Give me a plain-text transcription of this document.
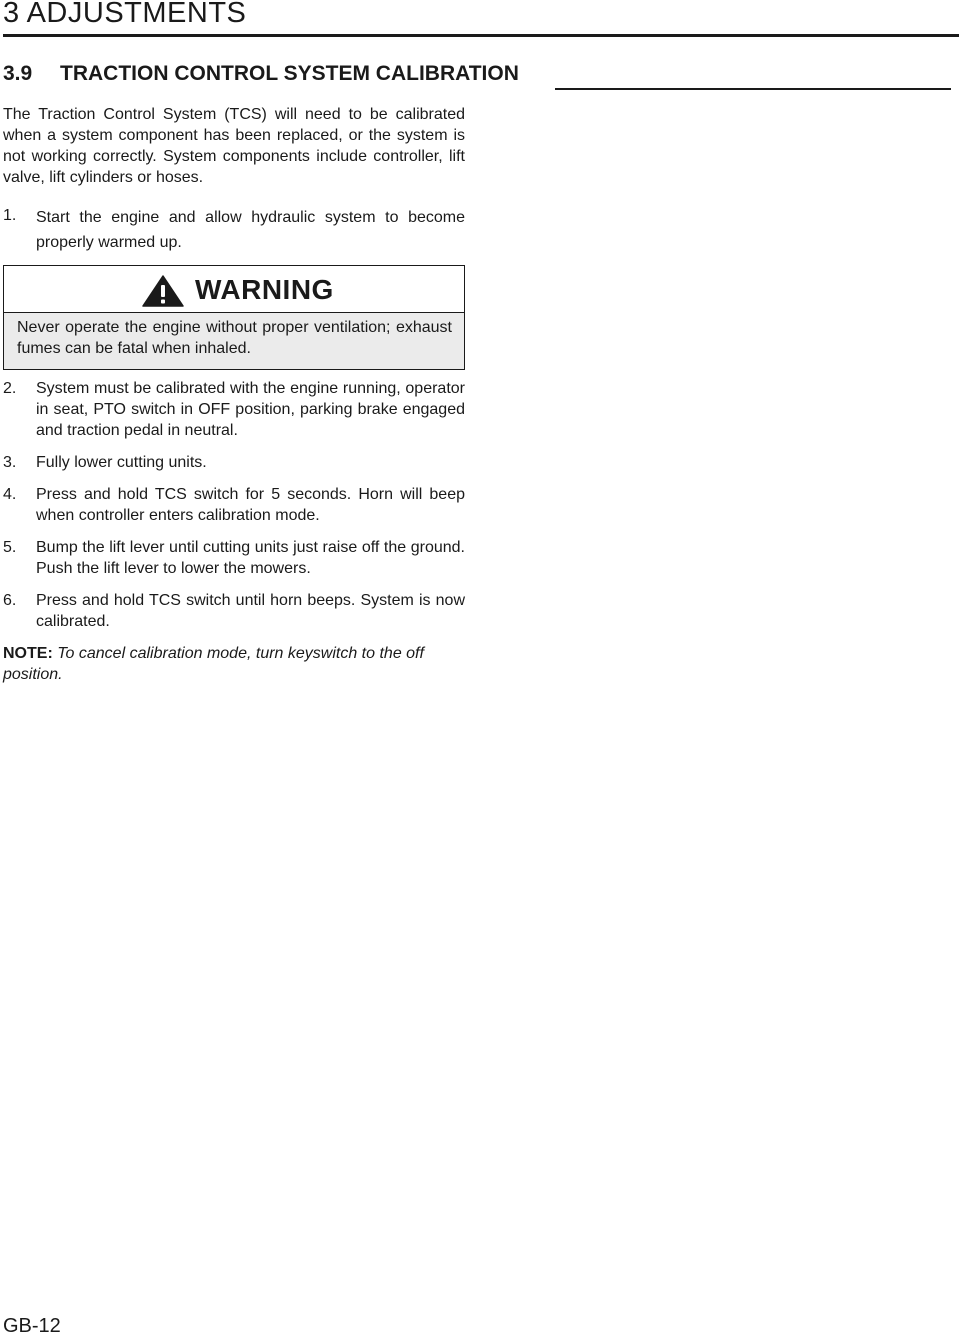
3 ADJUSTMENTS
3.9 TRACTION CONTROL SYSTEM CALIBRATION

The Traction Control System (TCS) will need to be calibrated when a system component has been replaced, or the system is not working correctly. System components include controller, lift valve, lift cylinders or hoses.

1.	Start the engine and allow hydraulic system to become properly warmed up.
WARNING
Never operate the engine without proper ventilation; exhaust fumes can be fatal when inhaled.
2.	System must be calibrated with the engine running, operator in seat, PTO switch in OFF position, parking brake engaged and traction pedal in neutral.
3.	Fully lower cutting units.
4.	Press and hold TCS switch for 5 seconds. Horn will beep when controller enters calibration mode.
5.	Bump the lift lever until cutting units just raise off the ground. Push the lift lever to lower the mowers.
6.	Press and hold TCS switch until horn beeps. System is now calibrated.
NOTE: To cancel calibration mode, turn keyswitch to the off position.
GB-12
